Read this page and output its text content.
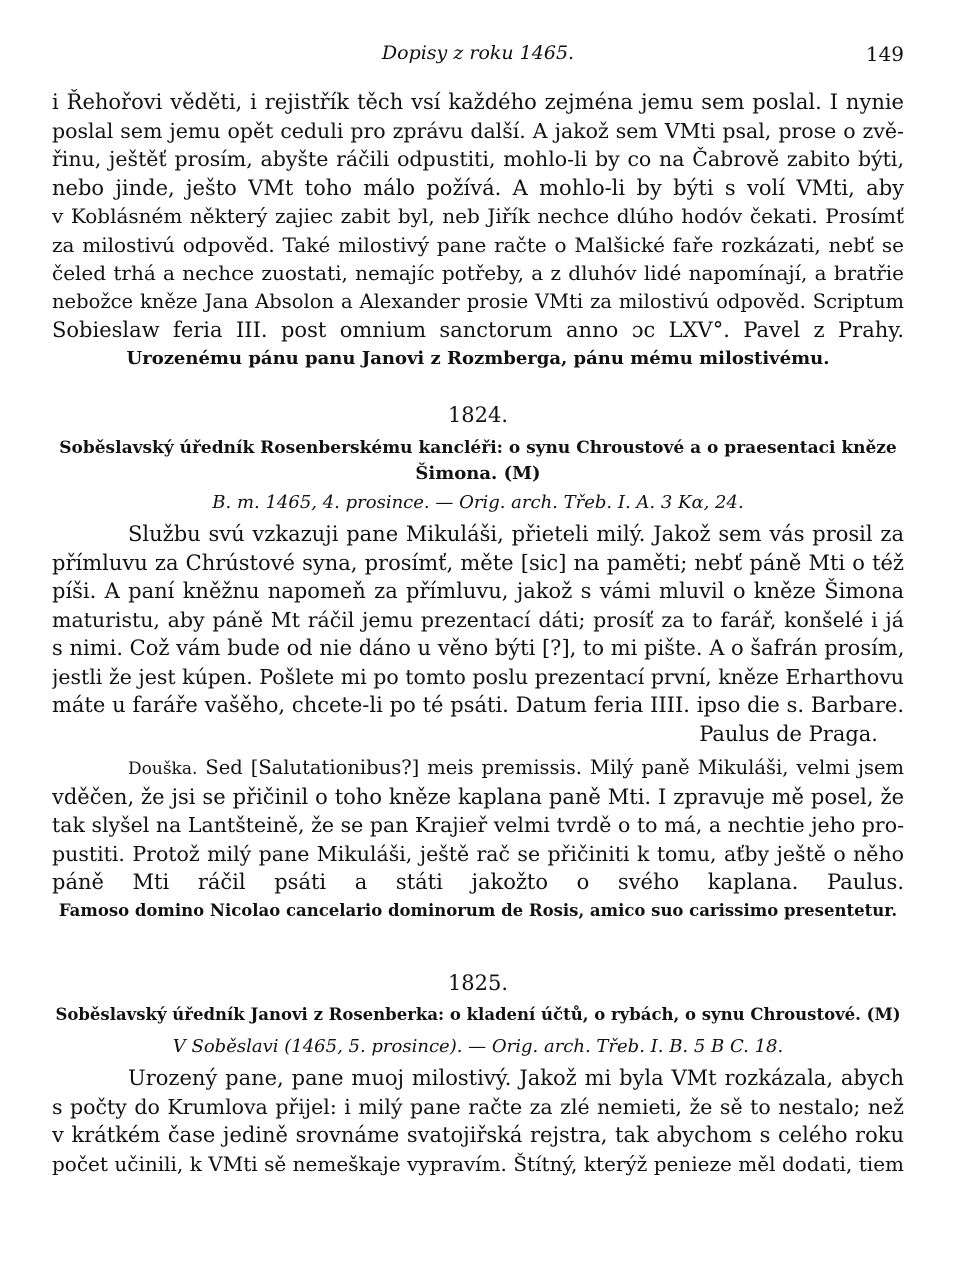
Dopisy z roku 1465.	149
i Řehořovi věděti, i rejistřík těch vsí každého zejména jemu sem poslal. I nynie
poslal sem jemu opět ceduli pro zprávu další. A jakož sem VMti psal, prose o zvě-
řinu, ještěť prosím, abyšte ráčili odpustiti, mohlo-li by co na Čabrově zabito býti,
nebo jinde, ješto VMt toho málo požívá. A mohlo-li by býti s volí VMti, aby
v Koblásném některý zajiec zabit byl, neb Jiřík nechce dlúho hodóv čekati. Prosímť
za milostivú odpověd. Také milostivý pane račte o Malšické faře rozkázati, nebť se
čeled trhá a nechce zuostati, nemajíc potřeby, a z dluhóv lidé napomínají, a bratřie
nebožce kněze Jana Absolon a Alexander prosie VMti za milostivú odpověd. Scriptum
Sobieslaw feria III. post omnium sanctorum anno ɔc LXV°. Pavel z Prahy.
Urozenému pánu panu Janovi z Rozmberga, pánu mému milostivému.
1824.
Soběslavský úředník Rosenberskému kancléři: o synu Chroustové a o praesentaci kněze
Šimona. (M)
B. m. 1465, 4. prosince. — Orig. arch. Třeb. I. A. 3 Kα, 24.
Službu svú vzkazuji pane Mikuláši, přieteli milý. Jakož sem vás prosil za
přímluvu za Chrústové syna, prosímť, měte [sic] na paměti; nebť páně Mti o též
píši. A paní kněžnu napomeň za přímluvu, jakož s vámi mluvil o kněze Šimona
maturistu, aby páně Mt ráčil jemu prezentací dáti; prosíť za to farář, konšelé i já
s nimi. Což vám bude od nie dáno u věno býti [?], to mi pište. A o šafrán prosím,
jestli že jest kúpen. Pošlete mi po tomto poslu prezentací první, kněze Erharthovu
máte u faráře vašěho, chcete-li po té psáti. Datum feria IIII. ipso die s. Barbare.
Paulus de Praga.
Douška. Sed [Salutationibus?] meis premissis. Milý paně Mikuláši, velmi jsem
vděčen, že jsi se přičinil o toho kněze kaplana paně Mti. I zpravuje mě posel, že
tak slyšel na Lantšteině, že se pan Krajieř velmi tvrdě o to má, a nechtie jeho pro-
pustiti. Protož milý pane Mikuláši, ještě rač se přičiniti k tomu, aťby ještě o něho
páně Mti ráčil psáti a státi jakožto o svého kaplana. Paulus.
Famoso domino Nicolao cancelario dominorum de Rosis, amico suo carissimo presentetur.
1825.
Soběslavský úředník Janovi z Rosenberka: o kladení účtů, o rybách, o synu Chroustové. (M)
V Soběslavi (1465, 5. prosince). — Orig. arch. Třeb. I. B. 5 B C. 18.
Urozený pane, pane muoj milostivý. Jakož mi byla VMt rozkázala, abych
s počty do Krumlova přijel: i milý pane račte za zlé nemieti, že sě to nestalo; než
v krátkém čase jedině srovnáme svatojiřská rejstra, tak abychom s celého roku
počet učinili, k VMti sě nemeškaje vypravím. Štítný, kterýž penieze měl dodati, tiem
